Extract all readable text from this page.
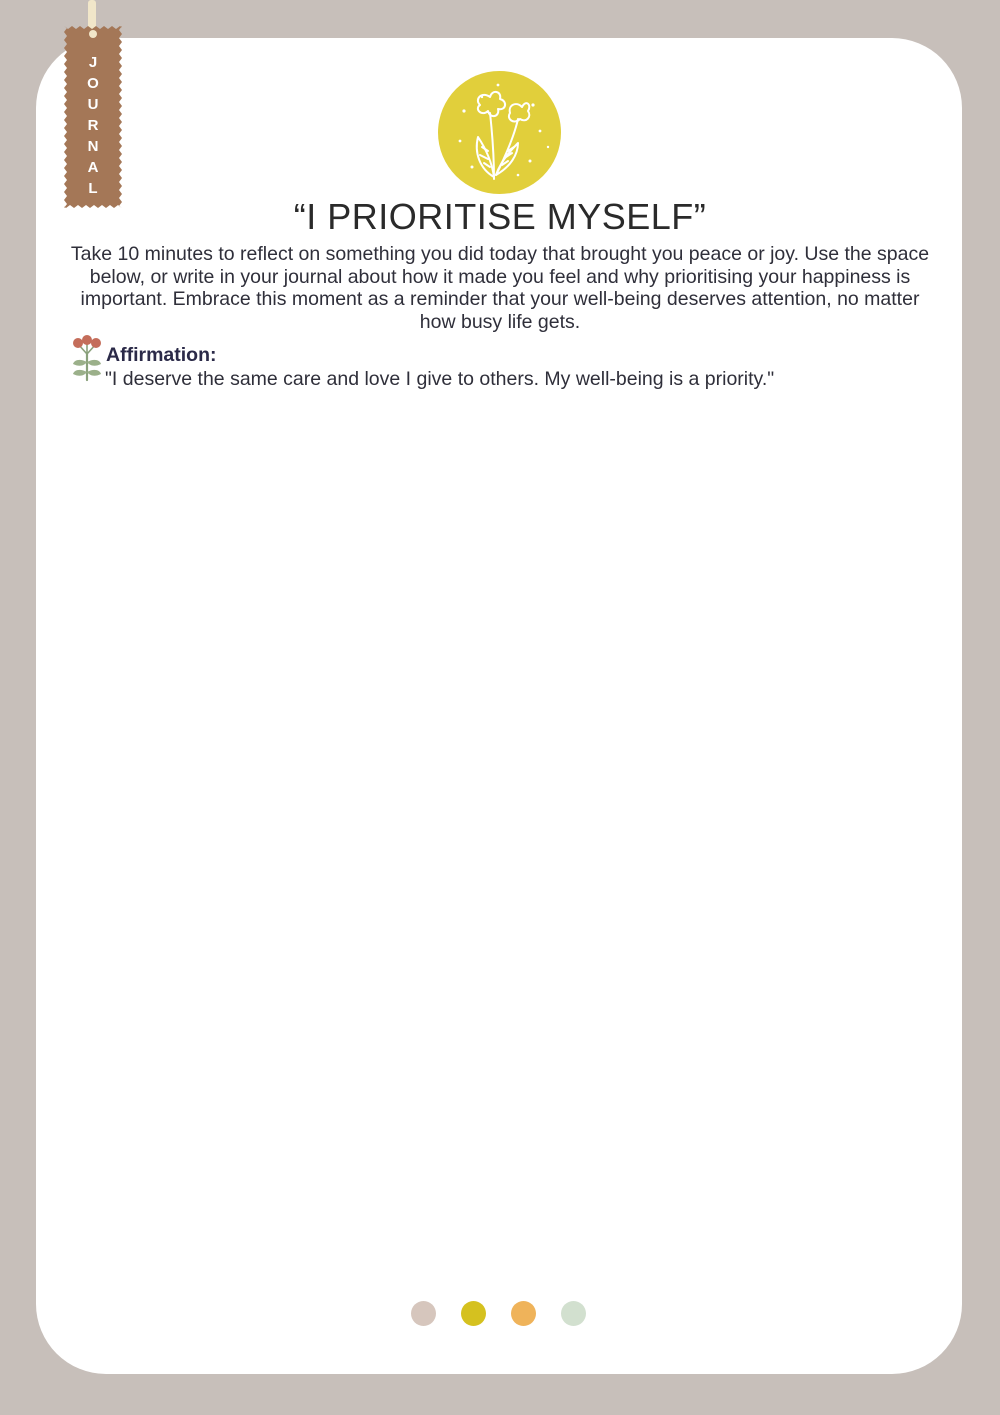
J
O
U
R
N
A
L
“I PRIORITISE MYSELF”

Take 10 minutes to reflect on something you did today that brought you peace or joy. Use the space below, or write in your journal about how it made you feel and why prioritising your happiness is important. Embrace this moment as a reminder that your well-being deserves attention, no matter how busy life gets.

Affirmation:

"I deserve the same care and love I give to others. My well-being is a priority."
